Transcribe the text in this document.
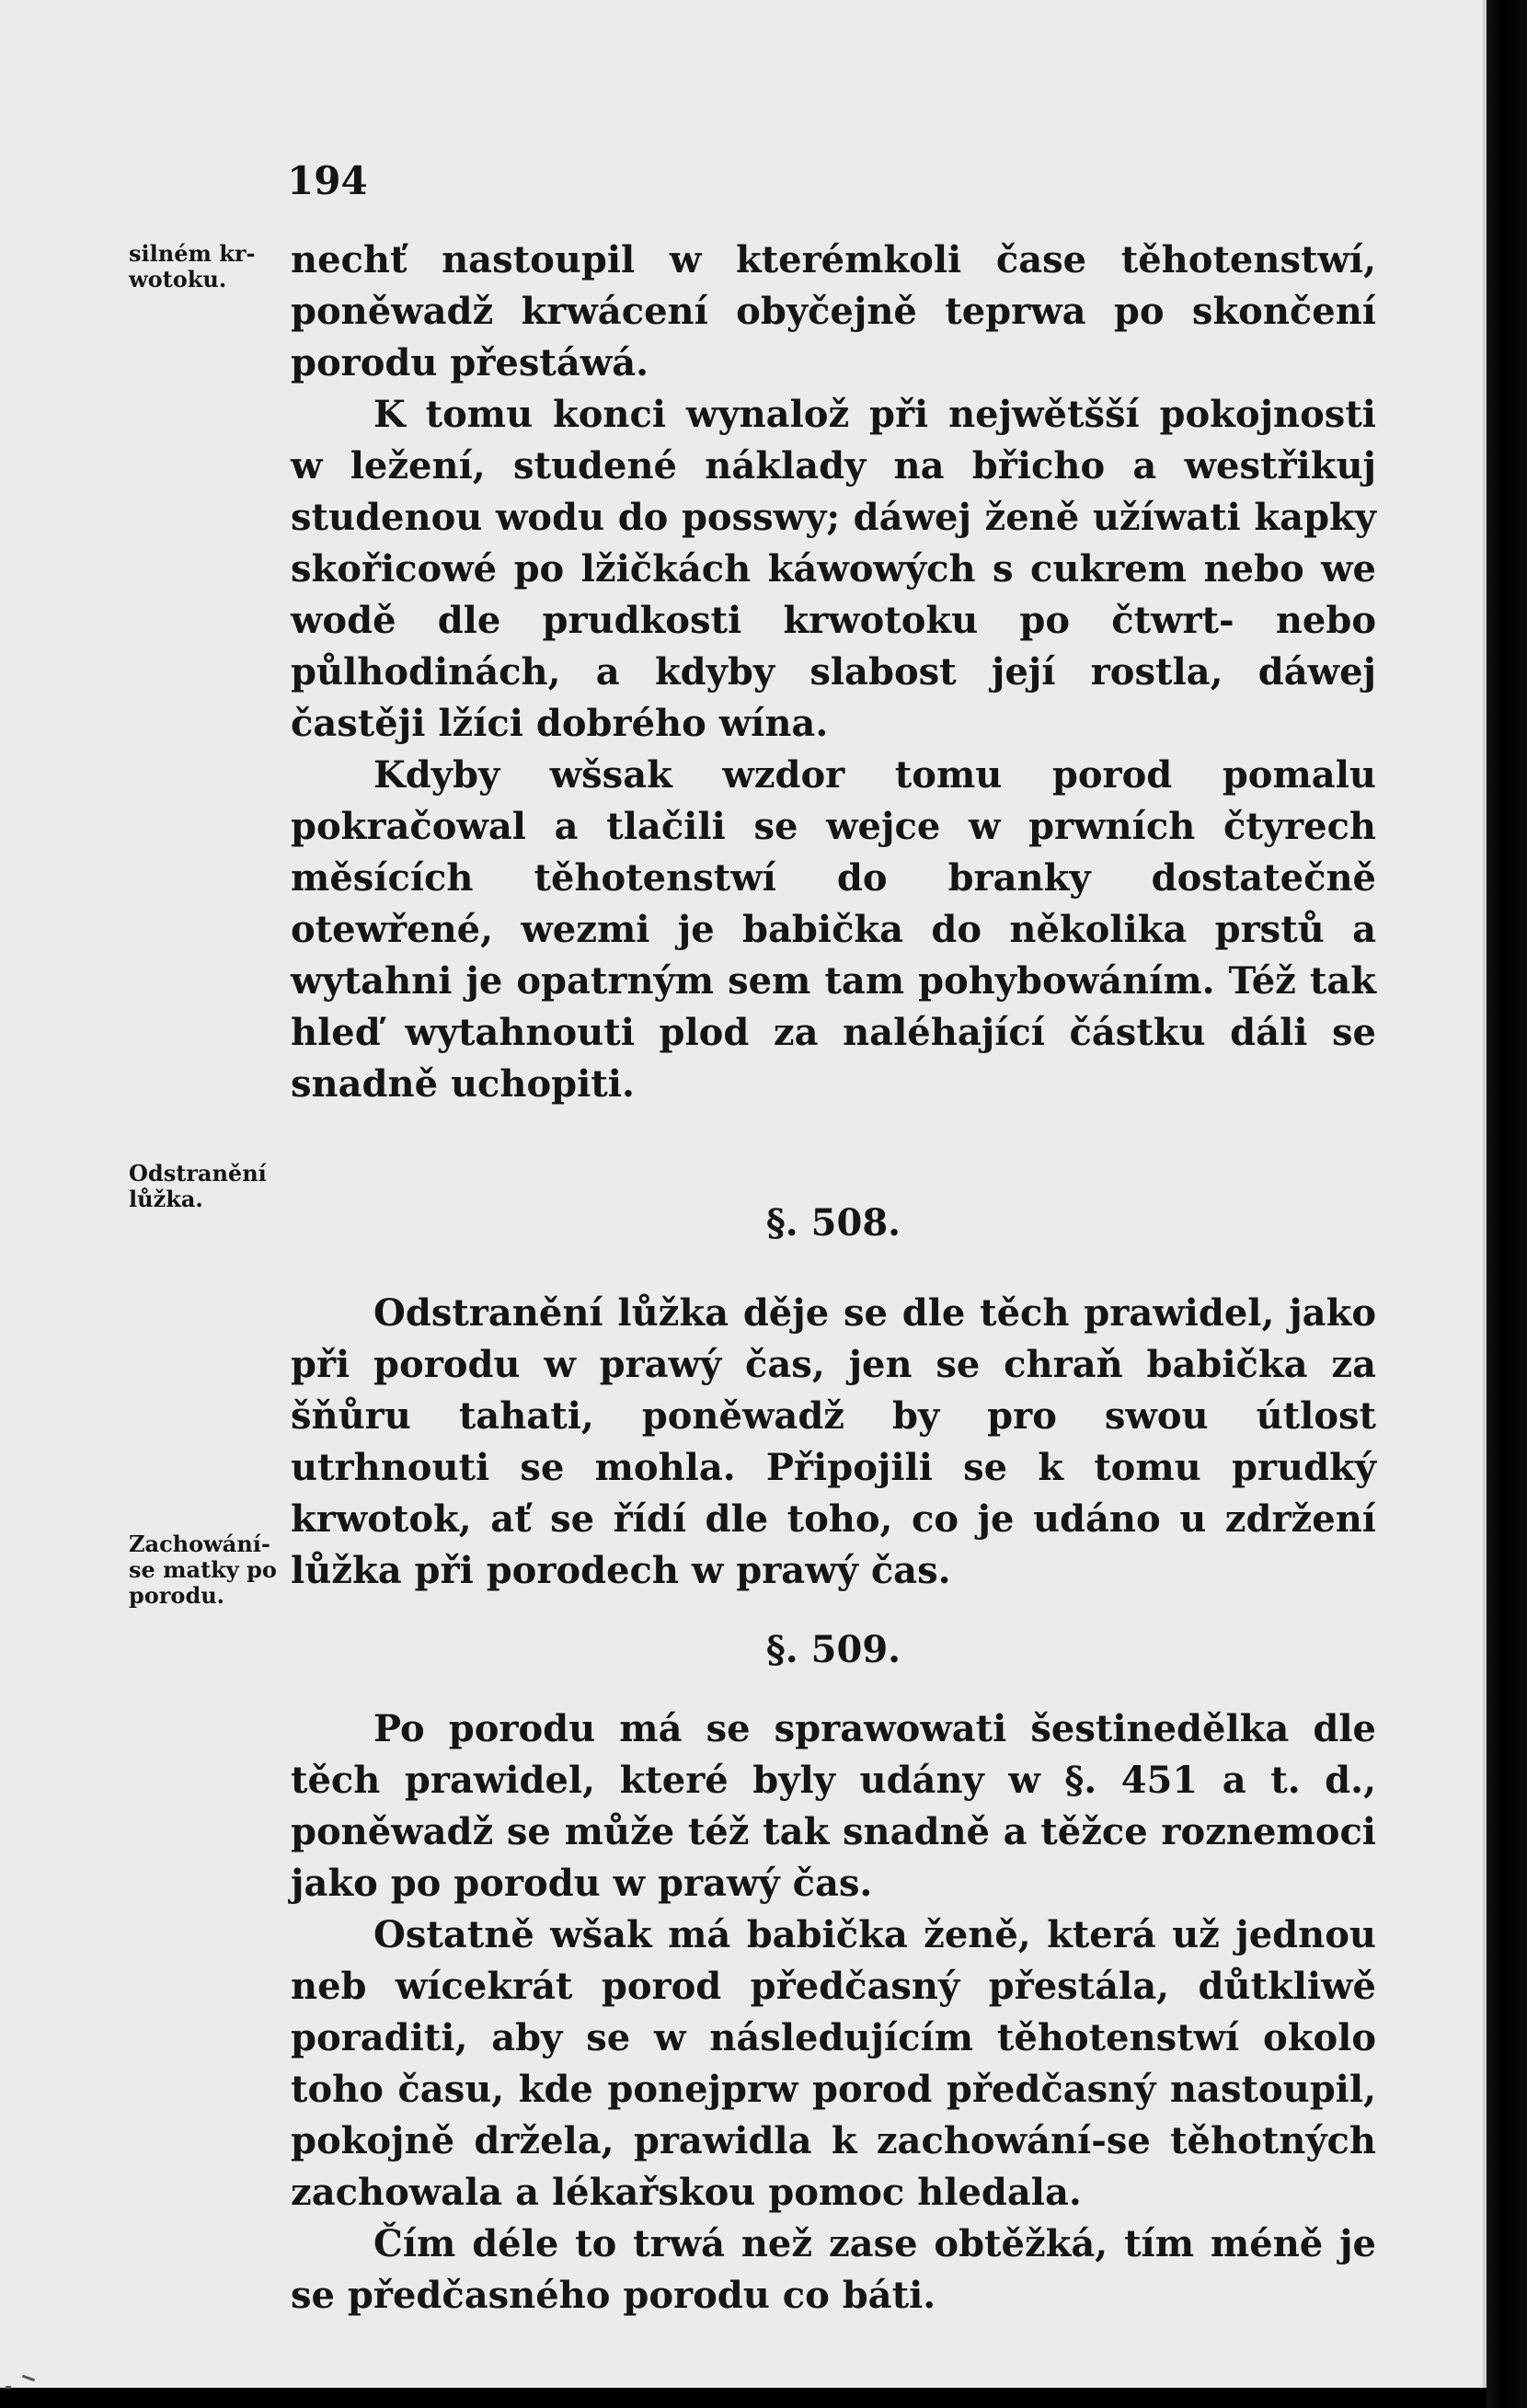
194
silném kr-
wotoku.
Odstranění
lůžka.
Zachowání-
se matky po
porodu.

nechť nastoupil w kterémkoli čase těhotenstwí, poněwadž krwácení obyčejně teprwa po skončení porodu přestáwá.

K tomu konci wynalož při nejwětšší pokojnosti w ležení, studené náklady na břicho a westřikuj studenou wodu do posswy; dáwej ženě užíwati kapky skořicowé po lžičkách káwowých s cukrem nebo we wodě dle prudkosti krwotoku po čtwrt- nebo půlhodinách, a kdyby slabost její rostla, dáwej častěji lžíci dobrého wína.

Kdyby wšsak wzdor tomu porod pomalu pokračowal a tlačili se wejce w prwních čtyrech měsících těhotenstwí do branky dostatečně otewřené, wezmi je babička do několika prstů a wytahni je opatrným sem tam pohybowáním. Též tak hleď wytahnouti plod za naléhající částku dáli se snadně uchopiti.

§. 508.

Odstranění lůžka děje se dle těch prawidel, jako při porodu w prawý čas, jen se chraň babička za šňůru tahati, poněwadž by pro swou útlost utrhnouti se mohla. Připojili se k tomu prudký krwotok, ať se řídí dle toho, co je udáno u zdržení lůžka při porodech w prawý čas.

§. 509.

Po porodu má se sprawowati šestinedělka dle těch prawidel, které byly udány w §. 451 a t. d., poněwadž se může též tak snadně a těžce roznemoci jako po porodu w prawý čas.

Ostatně wšak má babička ženě, která už jednou neb wícekrát porod předčasný přestála, důtkliwě poraditi, aby se w následujícím těhotenstwí okolo toho času, kde ponejprw porod předčasný nastoupil, pokojně držela, prawidla k zachowání-se těhotných zachowala a lékařskou pomoc hledala.

Čím déle to trwá než zase obtěžká, tím méně je se předčasného porodu co báti.
